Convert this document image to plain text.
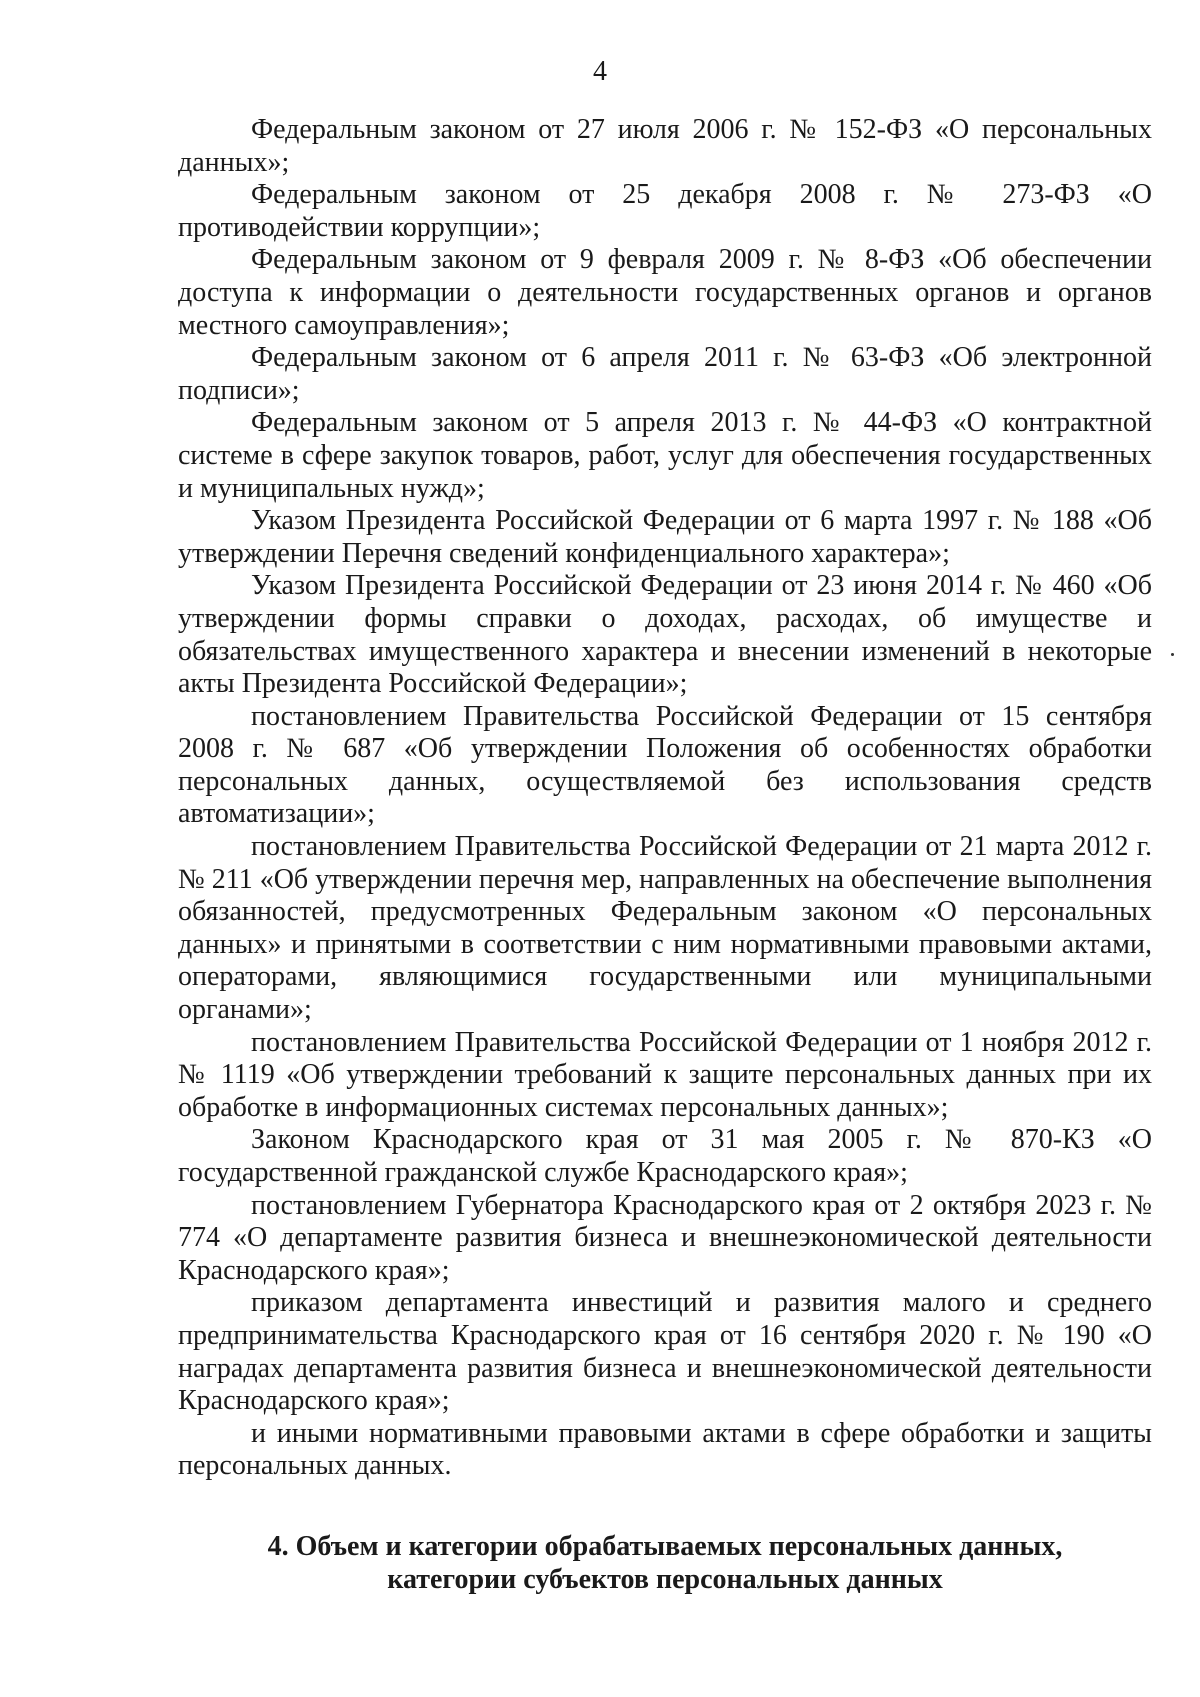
4

Федеральным законом от 27 июля 2006 г. № 152-ФЗ «О персональных данных»;

Федеральным законом от 25 декабря 2008 г. № 273-ФЗ «О противодействии коррупции»;

Федеральным законом от 9 февраля 2009 г. № 8-ФЗ «Об обеспечении доступа к информации о деятельности государственных органов и органов местного самоуправления»;

Федеральным законом от 6 апреля 2011 г. № 63-ФЗ «Об электронной подписи»;

Федеральным законом от 5 апреля 2013 г. № 44-ФЗ «О контрактной системе в сфере закупок товаров, работ, услуг для обеспечения государственных и муниципальных нужд»;

Указом Президента Российской Федерации от 6 марта 1997 г. № 188 «Об утверждении Перечня сведений конфиденциального характера»;

Указом Президента Российской Федерации от 23 июня 2014 г. № 460 «Об утверждении формы справки о доходах, расходах, об имуществе и обязательствах имущественного характера и внесении изменений в некоторые акты Президента Российской Федерации»;

постановлением Правительства Российской Федерации от 15 сентября 2008 г. № 687 «Об утверждении Положения об особенностях обработки персональных данных, осуществляемой без использования средств автоматизации»;

постановлением Правительства Российской Федерации от 21 марта 2012 г. № 211 «Об утверждении перечня мер, направленных на обеспечение выполнения обязанностей, предусмотренных Федеральным законом «О персональных данных» и принятыми в соответствии с ним нормативными правовыми актами, операторами, являющимися государственными или муниципальными органами»;

постановлением Правительства Российской Федерации от 1 ноября 2012 г. № 1119 «Об утверждении требований к защите персональных данных при их обработке в информационных системах персональных данных»;

Законом Краснодарского края от 31 мая 2005 г. № 870-КЗ «О государственной гражданской службе Краснодарского края»;

постановлением Губернатора Краснодарского края от 2 октября 2023 г. № 774 «О департаменте развития бизнеса и внешнеэкономической деятельности Краснодарского края»;

приказом департамента инвестиций и развития малого и среднего предпринимательства Краснодарского края от 16 сентября 2020 г. № 190 «О наградах департамента развития бизнеса и внешнеэкономической деятельности Краснодарского края»;

и иными нормативными правовыми актами в сфере обработки и защиты персональных данных.

4. Объем и категории обрабатываемых персональных данных,
категории субъектов персональных данных
